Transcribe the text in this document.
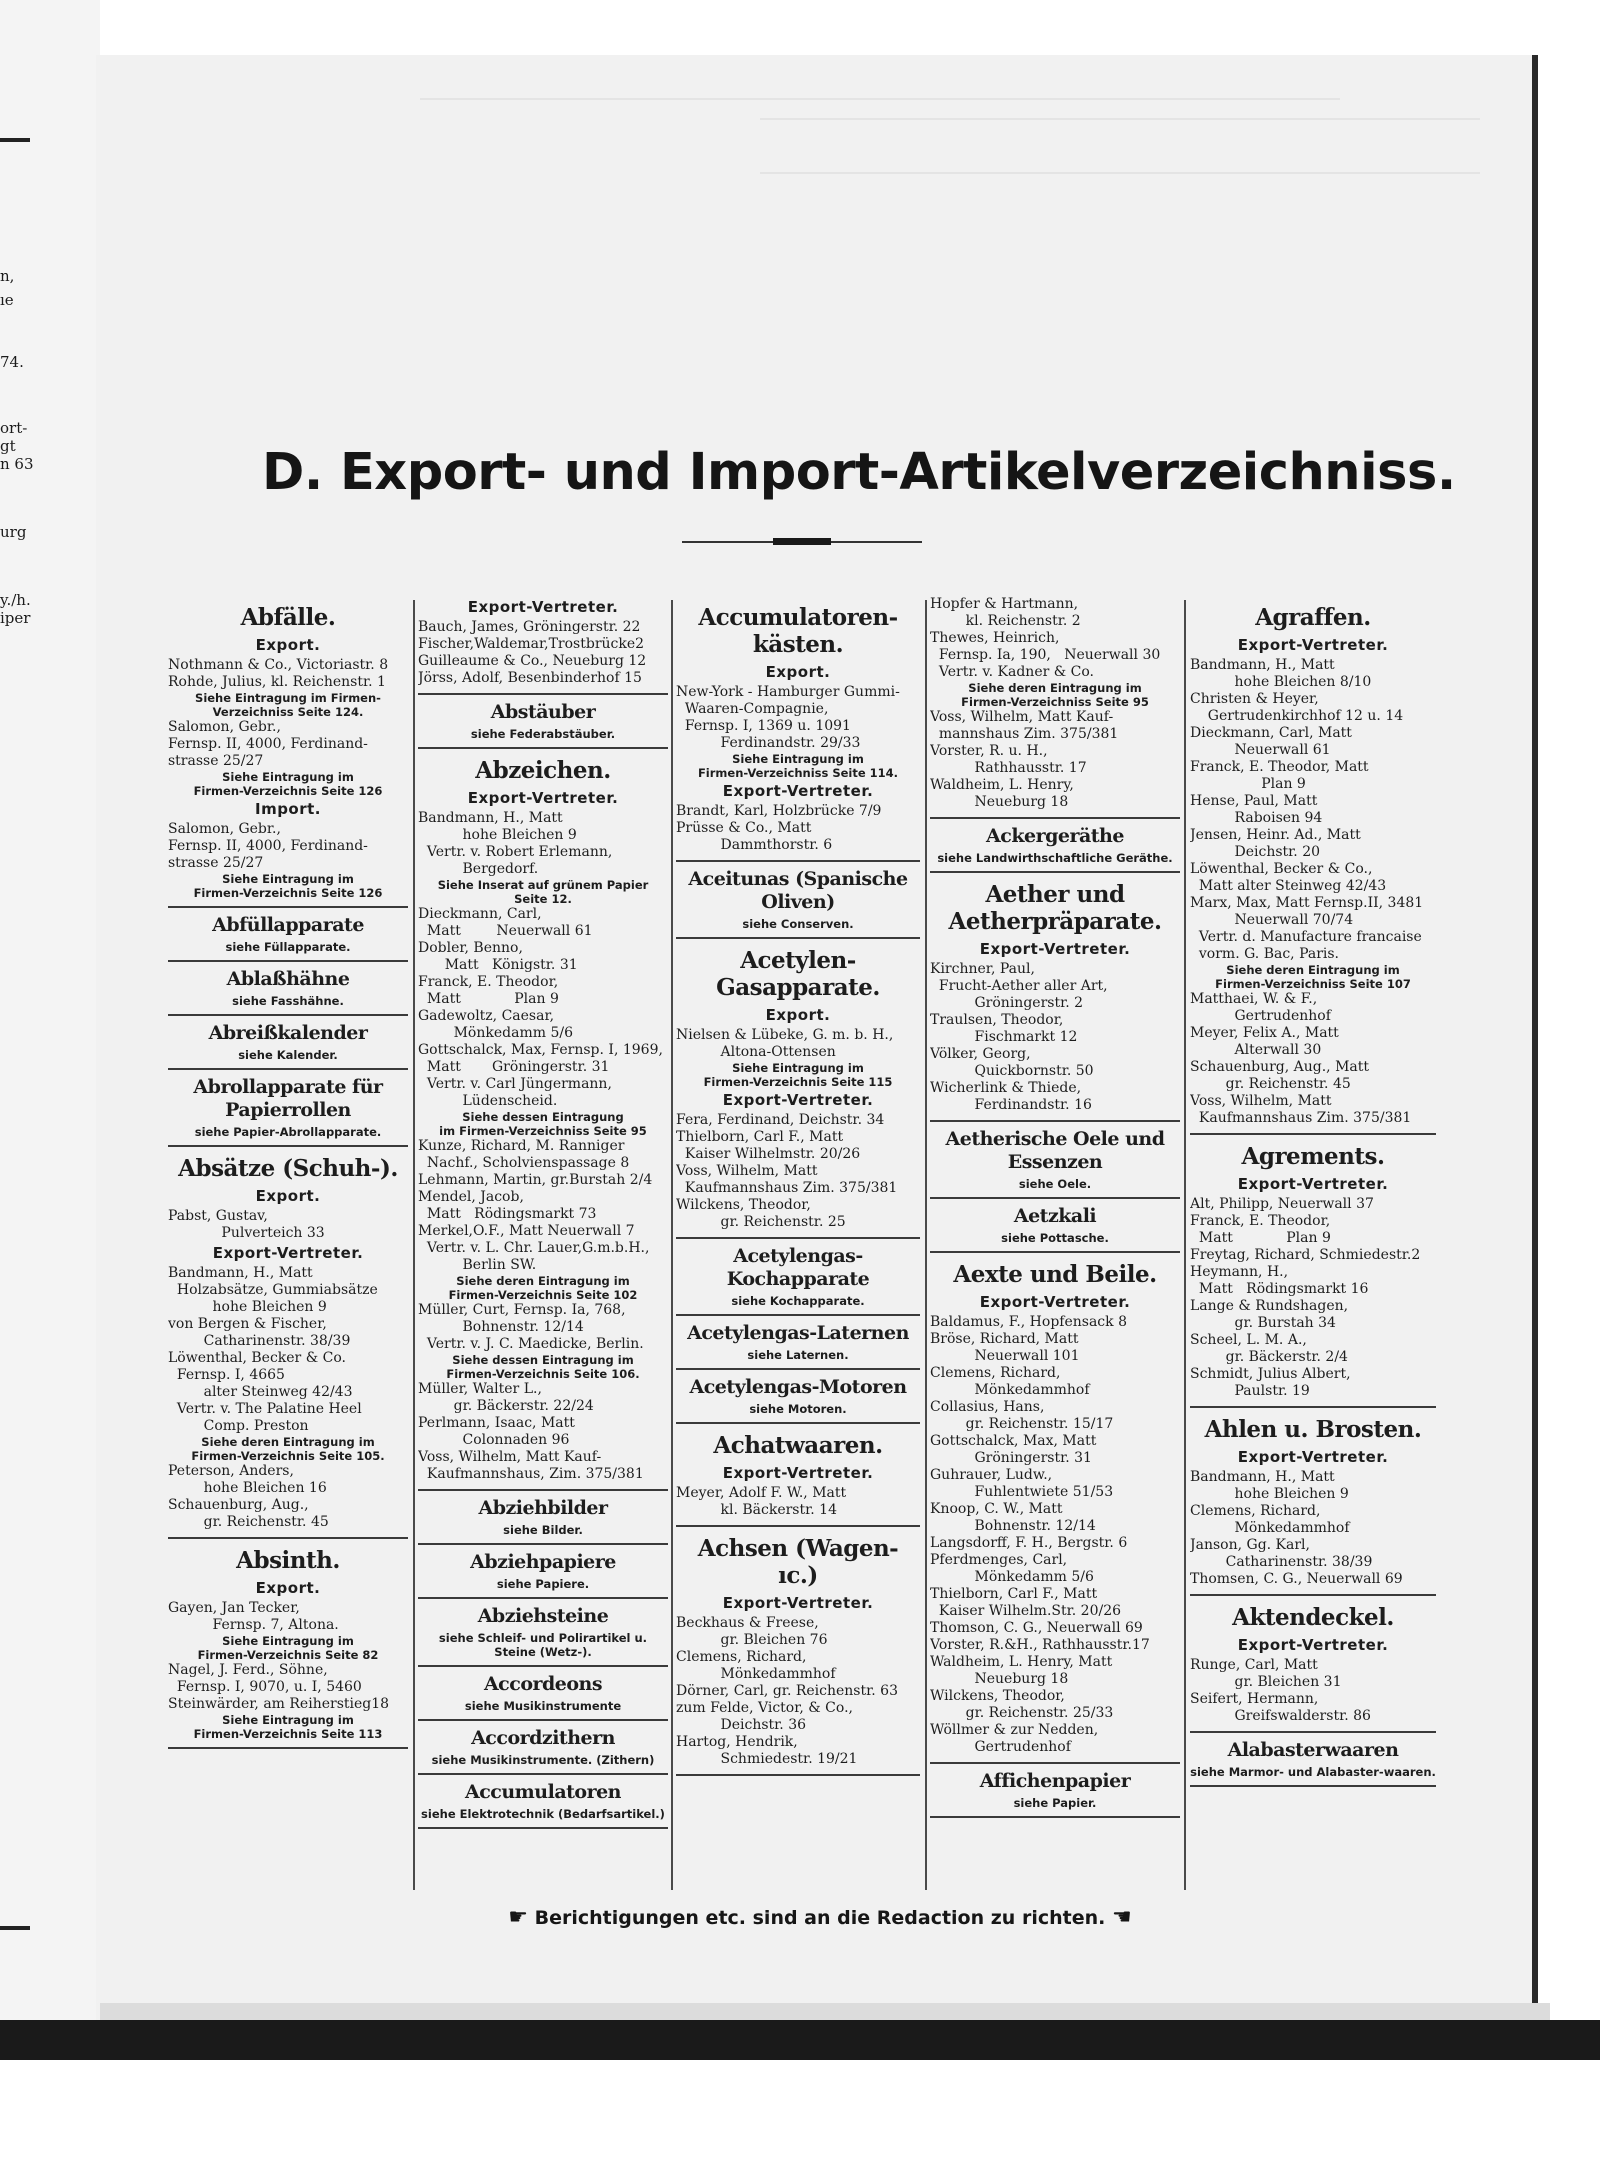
n,
ıe
74.
ort-
gt
n 63
urg
y./h.
iper
D. Export- und Import-Artikelverzeichniss.
Abfälle.
Export.
Nothmann & Co., Victoriastr. 8
Rohde, Julius, kl. Reichenstr. 1
Siehe Eintragung im Firmen-
Verzeichniss Seite 124.
Salomon, Gebr.,
Fernsp. II, 4000, Ferdinand-
strasse 25/27
Siehe Eintragung im
Firmen-Verzeichnis Seite 126
Import.
Salomon, Gebr.,
Fernsp. II, 4000, Ferdinand-
strasse 25/27
Siehe Eintragung im
Firmen-Verzeichnis Seite 126
Abfüllapparate
siehe Füllapparate.
Ablaßhähne
siehe Fasshähne.
Abreißkalender
siehe Kalender.
Abrollapparate für Papierrollen
siehe Papier-Abrollapparate.
Absätze (Schuh-).
Export.
Pabst, Gustav,
Pulverteich 33
Export-Vertreter.
Bandmann, H., Matt
Holzabsätze, Gummiabsätze
hohe Bleichen 9
von Bergen & Fischer,
Catharinenstr. 38/39
Löwenthal, Becker & Co.
Fernsp. I, 4665
alter Steinweg 42/43
Vertr. v. The Palatine Heel
Comp. Preston
Siehe deren Eintragung im
Firmen-Verzeichnis Seite 105.
Peterson, Anders,
hohe Bleichen 16
Schauenburg, Aug.,
gr. Reichenstr. 45
Absinth.
Export.
Gayen, Jan Tecker,
Fernsp. 7, Altona.
Siehe Eintragung im
Firmen-Verzeichnis Seite 82
Nagel, J. Ferd., Söhne,
Fernsp. I, 9070, u. I, 5460
Steinwärder, am Reiherstieg18
Siehe Eintragung im
Firmen-Verzeichnis Seite 113
Export-Vertreter.
Bauch, James, Gröningerstr. 22
Fischer,Waldemar,Trostbrücke2
Guilleaume & Co., Neueburg 12
Jörss, Adolf, Besenbinderhof 15
Abstäuber
siehe Federabstäuber.
Abzeichen.
Export-Vertreter.
Bandmann, H., Matt
hohe Bleichen 9
Vertr. v. Robert Erlemann,
Bergedorf.
Siehe Inserat auf grünem Papier
Seite 12.
Dieckmann, Carl,
Matt        Neuerwall 61
Dobler, Benno,
Matt   Königstr. 31
Franck, E. Theodor,
Matt            Plan 9
Gadewoltz, Caesar,
Mönkedamm 5/6
Gottschalck, Max, Fernsp. I, 1969,
Matt       Gröningerstr. 31
Vertr. v. Carl Jüngermann,
Lüdenscheid.
Siehe dessen Eintragung
im Firmen-Verzeichniss Seite 95
Kunze, Richard, M. Ranniger
Nachf., Scholvienspassage 8
Lehmann, Martin, gr.Burstah 2/4
Mendel, Jacob,
Matt   Rödingsmarkt 73
Merkel,O.F., Matt Neuerwall 7
Vertr. v. L. Chr. Lauer,G.m.b.H.,
Berlin SW.
Siehe deren Eintragung im
Firmen-Verzeichnis Seite 102
Müller, Curt, Fernsp. Ia, 768,
Bohnenstr. 12/14
Vertr. v. J. C. Maedicke, Berlin.
Siehe dessen Eintragung im
Firmen-Verzeichnis Seite 106.
Müller, Walter L.,
gr. Bäckerstr. 22/24
Perlmann, Isaac, Matt
Colonnaden 96
Voss, Wilhelm, Matt Kauf-
Kaufmannshaus, Zim. 375/381
Abziehbilder
siehe Bilder.
Abziehpapiere
siehe Papiere.
Abziehsteine
siehe Schleif- und Polirartikel u. Steine (Wetz-).
Accordeons
siehe Musikinstrumente
Accordzithern
siehe Musikinstrumente. (Zithern)
Accumulatoren
siehe Elektrotechnik (Bedarfsartikel.)
Accumulatoren-kästen.
Export.
New-York - Hamburger Gummi-
Waaren-Compagnie,
Fernsp. I, 1369 u. 1091
Ferdinandstr. 29/33
Siehe Eintragung im
Firmen-Verzeichniss Seite 114.
Export-Vertreter.
Brandt, Karl, Holzbrücke 7/9
Prüsse & Co., Matt
Dammthorstr. 6
Aceitunas (Spanische Oliven)
siehe Conserven.
Acetylen-Gasapparate.
Export.
Nielsen & Lübeke, G. m. b. H.,
Altona-Ottensen
Siehe Eintragung im
Firmen-Verzeichnis Seite 115
Export-Vertreter.
Fera, Ferdinand, Deichstr. 34
Thielborn, Carl F., Matt
Kaiser Wilhelmstr. 20/26
Voss, Wilhelm, Matt
Kaufmannshaus Zim. 375/381
Wilckens, Theodor,
gr. Reichenstr. 25
Acetylengas-Kochapparate
siehe Kochapparate.
Acetylengas-Laternen
siehe Laternen.
Acetylengas-Motoren
siehe Motoren.
Achatwaaren.
Export-Vertreter.
Meyer, Adolf F. W., Matt
kl. Bäckerstr. 14
Achsen (Wagen- ıc.)
Export-Vertreter.
Beckhaus & Freese,
gr. Bleichen 76
Clemens, Richard,
Mönkedammhof
Dörner, Carl, gr. Reichenstr. 63
zum Felde, Victor, & Co.,
Deichstr. 36
Hartog, Hendrik,
Schmiedestr. 19/21
Hopfer & Hartmann,
kl. Reichenstr. 2
Thewes, Heinrich,
Fernsp. Ia, 190,   Neuerwall 30
Vertr. v. Kadner & Co.
Siehe deren Eintragung im
Firmen-Verzeichniss Seite 95
Voss, Wilhelm, Matt Kauf-
mannshaus Zim. 375/381
Vorster, R. u. H.,
Rathhausstr. 17
Waldheim, L. Henry,
Neueburg 18
Ackergeräthe
siehe Landwirthschaftliche Geräthe.
Aether und Aetherpräparate.
Export-Vertreter.
Kirchner, Paul,
Frucht-Aether aller Art,
Gröningerstr. 2
Traulsen, Theodor,
Fischmarkt 12
Völker, Georg,
Quickbornstr. 50
Wicherlink & Thiede,
Ferdinandstr. 16
Aetherische Oele und Essenzen
siehe Oele.
Aetzkali
siehe Pottasche.
Aexte und Beile.
Export-Vertreter.
Baldamus, F., Hopfensack 8
Bröse, Richard, Matt
Neuerwall 101
Clemens, Richard,
Mönkedammhof
Collasius, Hans,
gr. Reichenstr. 15/17
Gottschalck, Max, Matt
Gröningerstr. 31
Guhrauer, Ludw.,
Fuhlentwiete 51/53
Knoop, C. W., Matt
Bohnenstr. 12/14
Langsdorff, F. H., Bergstr. 6
Pferdmenges, Carl,
Mönkedamm 5/6
Thielborn, Carl F., Matt
Kaiser Wilhelm.Str. 20/26
Thomson, C. G., Neuerwall 69
Vorster, R.&H., Rathhausstr.17
Waldheim, L. Henry, Matt
Neueburg 18
Wilckens, Theodor,
gr. Reichenstr. 25/33
Wöllmer & zur Nedden,
Gertrudenhof
Affichenpapier
siehe Papier.
Agraffen.
Export-Vertreter.
Bandmann, H., Matt
hohe Bleichen 8/10
Christen & Heyer,
Gertrudenkirchhof 12 u. 14
Dieckmann, Carl, Matt
Neuerwall 61
Franck, E. Theodor, Matt
Plan 9
Hense, Paul, Matt
Raboisen 94
Jensen, Heinr. Ad., Matt
Deichstr. 20
Löwenthal, Becker & Co.,
Matt alter Steinweg 42/43
Marx, Max, Matt Fernsp.II, 3481
Neuerwall 70/74
Vertr. d. Manufacture francaise
vorm. G. Bac, Paris.
Siehe deren Eintragung im
Firmen-Verzeichniss Seite 107
Matthaei, W. & F.,
Gertrudenhof
Meyer, Felix A., Matt
Alterwall 30
Schauenburg, Aug., Matt
gr. Reichenstr. 45
Voss, Wilhelm, Matt
Kaufmannshaus Zim. 375/381
Agrements.
Export-Vertreter.
Alt, Philipp, Neuerwall 37
Franck, E. Theodor,
Matt            Plan 9
Freytag, Richard, Schmiedestr.2
Heymann, H.,
Matt   Rödingsmarkt 16
Lange & Rundshagen,
gr. Burstah 34
Scheel, L. M. A.,
gr. Bäckerstr. 2/4
Schmidt, Julius Albert,
Paulstr. 19
Ahlen u. Brosten.
Export-Vertreter.
Bandmann, H., Matt
hohe Bleichen 9
Clemens, Richard,
Mönkedammhof
Janson, Gg. Karl,
Catharinenstr. 38/39
Thomsen, C. G., Neuerwall 69
Aktendeckel.
Export-Vertreter.
Runge, Carl, Matt
gr. Bleichen 31
Seifert, Hermann,
Greifswalderstr. 86
Alabasterwaaren
siehe Marmor- und Alabaster-waaren.
☛ Berichtigungen etc. sind an die Redaction zu richten. ☚
